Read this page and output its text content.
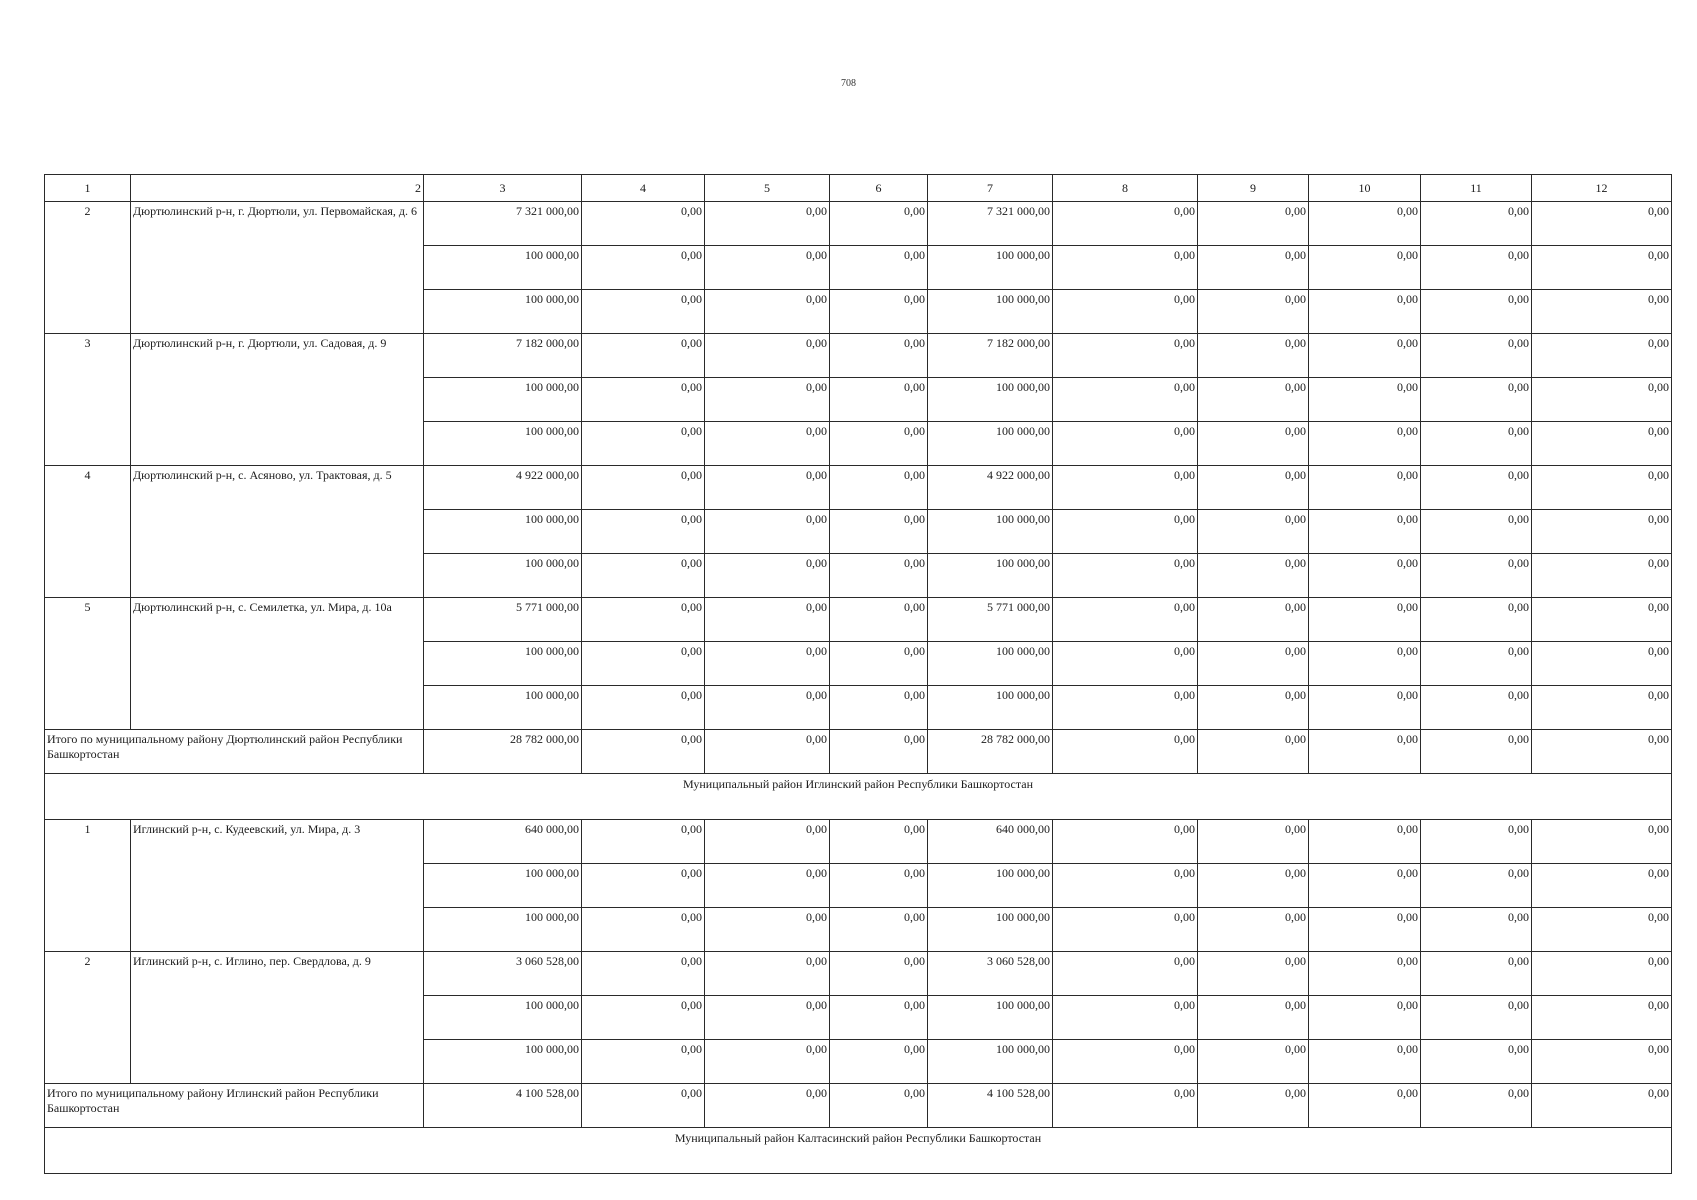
708
1	2	3	4	5	6	7	8	9	10	11	12
2	Дюртюлинский р-н, г. Дюртюли, ул. Первомайская, д. 6	7 321 000,00	0,00	0,00	0,00	7 321 000,00	0,00	0,00	0,00	0,00	0,00
		100 000,00	0,00	0,00	0,00	100 000,00	0,00	0,00	0,00	0,00	0,00
		100 000,00	0,00	0,00	0,00	100 000,00	0,00	0,00	0,00	0,00	0,00
3	Дюртюлинский р-н, г. Дюртюли, ул. Садовая, д. 9	7 182 000,00	0,00	0,00	0,00	7 182 000,00	0,00	0,00	0,00	0,00	0,00
		100 000,00	0,00	0,00	0,00	100 000,00	0,00	0,00	0,00	0,00	0,00
		100 000,00	0,00	0,00	0,00	100 000,00	0,00	0,00	0,00	0,00	0,00
4	Дюртюлинский р-н, с. Асяново, ул. Трактовая, д. 5	4 922 000,00	0,00	0,00	0,00	4 922 000,00	0,00	0,00	0,00	0,00	0,00
		100 000,00	0,00	0,00	0,00	100 000,00	0,00	0,00	0,00	0,00	0,00
		100 000,00	0,00	0,00	0,00	100 000,00	0,00	0,00	0,00	0,00	0,00
5	Дюртюлинский р-н, с. Семилетка, ул. Мира, д. 10а	5 771 000,00	0,00	0,00	0,00	5 771 000,00	0,00	0,00	0,00	0,00	0,00
		100 000,00	0,00	0,00	0,00	100 000,00	0,00	0,00	0,00	0,00	0,00
		100 000,00	0,00	0,00	0,00	100 000,00	0,00	0,00	0,00	0,00	0,00
Итого по муниципальному району Дюртюлинский район Республики Башкортостан		28 782 000,00	0,00	0,00	0,00	28 782 000,00	0,00	0,00	0,00	0,00	0,00
Муниципальный район Иглинский район Республики Башкортостан											
1	Иглинский р-н, с. Кудеевский, ул. Мира, д. 3	640 000,00	0,00	0,00	0,00	640 000,00	0,00	0,00	0,00	0,00	0,00
		100 000,00	0,00	0,00	0,00	100 000,00	0,00	0,00	0,00	0,00	0,00
		100 000,00	0,00	0,00	0,00	100 000,00	0,00	0,00	0,00	0,00	0,00
2	Иглинский р-н, с. Иглино, пер. Свердлова, д. 9	3 060 528,00	0,00	0,00	0,00	3 060 528,00	0,00	0,00	0,00	0,00	0,00
		100 000,00	0,00	0,00	0,00	100 000,00	0,00	0,00	0,00	0,00	0,00
		100 000,00	0,00	0,00	0,00	100 000,00	0,00	0,00	0,00	0,00	0,00
Итого по муниципальному району Иглинский район Республики Башкортостан		4 100 528,00	0,00	0,00	0,00	4 100 528,00	0,00	0,00	0,00	0,00	0,00
Муниципальный район Калтасинский район Республики Башкортостан											
